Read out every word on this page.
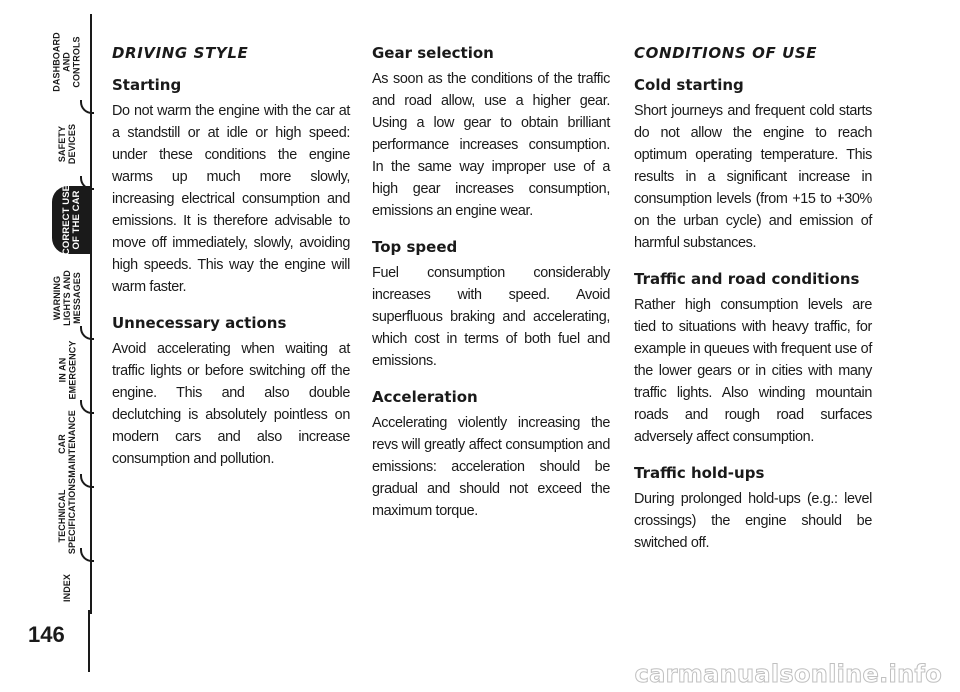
DASHBOARD
AND
CONTROLS
SAFETY
DEVICES
CORRECT USE
OF THE CAR
WARNING
LIGHTS AND
MESSAGES
IN AN
EMERGENCY
CAR
MAINTENANCE
TECHNICAL
SPECIFICATIONS
INDEX
146
DRIVING STYLE
Starting

Do not warm the engine with the car at a standstill or at idle or high speed: under these conditions the engine warms up much more slowly, increasing electrical consumption and emissions. It is therefore advisable to move off immediately, slowly, avoiding high speeds. This way the engine will warm faster.

Unnecessary actions

Avoid accelerating when waiting at traffic lights or before switching off the engine. This and also double declutching is absolutely pointless on modern cars and also increase consumption and pollution.

Gear selection

As soon as the conditions of the traffic and road allow, use a higher gear. Using a low gear to obtain brilliant performance increases consumption. In the same way improper use of a high gear increases consumption, emissions an engine wear.

Top speed

Fuel consumption considerably increases with speed. Avoid superfluous braking and accelerating, which cost in terms of both fuel and emissions.

Acceleration

Accelerating violently increasing the revs will greatly affect consumption and emissions: acceleration should be gradual and should not exceed the maximum torque.

CONDITIONS OF USE
Cold starting

Short journeys and frequent cold starts do not allow the engine to reach optimum operating temperature. This results in a significant increase in consumption levels (from +15 to +30% on the urban cycle) and emission of harmful substances.

Traffic and road conditions

Rather high consumption levels are tied to situations with heavy traffic, for example in queues with frequent use of the lower gears or in cities with many traffic lights. Also winding mountain roads and rough road surfaces adversely affect consumption.

Traffic hold-ups

During prolonged hold-ups (e.g.: level crossings) the engine should be switched off.

carmanualsonline.info
